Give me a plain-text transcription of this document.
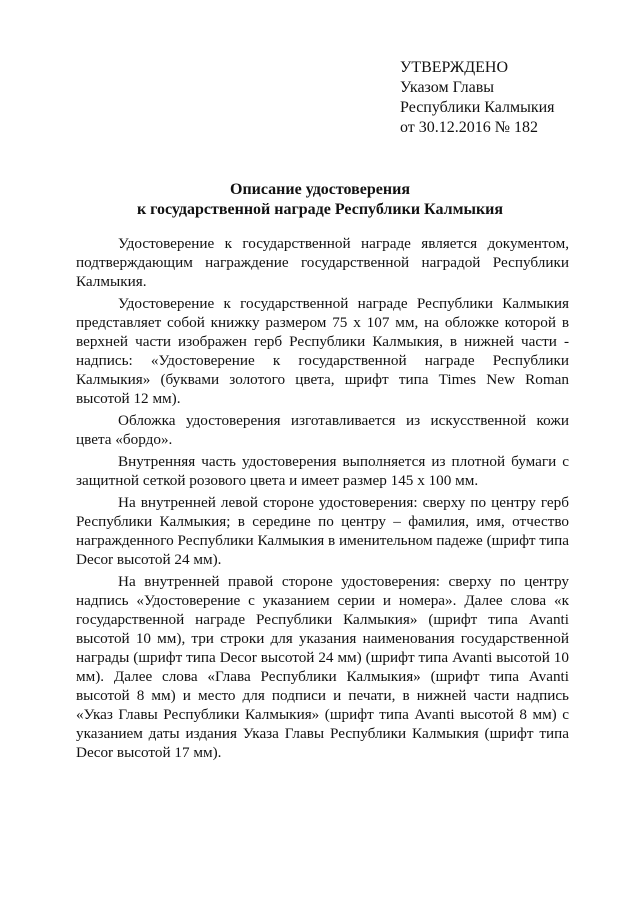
УТВЕРЖДЕНО
Указом Главы
Республики Калмыкия
от 30.12.2016 № 182
Описание удостоверения
к государственной награде Республики Калмыкия

Удостоверение к государственной награде является документом, подтверждающим награждение государственной наградой Республики Калмыкия.

Удостоверение к государственной награде Республики Калмыкия представляет собой книжку размером 75 х 107 мм, на обложке которой в верхней части изображен герб Республики Калмыкия, в нижней части - надпись: «Удостоверение к государственной награде Республики Калмыкия» (буквами золотого цвета, шрифт типа Times New Roman высотой 12 мм).

Обложка удостоверения изготавливается из искусственной кожи цвета «бордо».

Внутренняя часть удостоверения выполняется из плотной бумаги с защитной сеткой розового цвета и имеет размер 145 х 100 мм.

На внутренней левой стороне удостоверения: сверху по центру герб Республики Калмыкия; в середине по центру – фамилия, имя, отчество награжденного Республики Калмыкия в именительном падеже (шрифт типа Decor высотой 24 мм).

На внутренней правой стороне удостоверения: сверху по центру надпись «Удостоверение с указанием серии и номера». Далее слова «к государственной награде Республики Калмыкия» (шрифт типа Avanti высотой 10 мм), три строки для указания наименования государственной награды (шрифт типа Decor высотой 24 мм) (шрифт типа Avanti высотой 10 мм). Далее слова «Глава Республики Калмыкия» (шрифт типа Avanti высотой 8 мм) и место для подписи и печати, в нижней части надпись «Указ Главы Республики Калмыкия» (шрифт типа Avanti высотой 8 мм) с указанием даты издания Указа Главы Республики Калмыкия (шрифт типа Decor высотой 17 мм).
